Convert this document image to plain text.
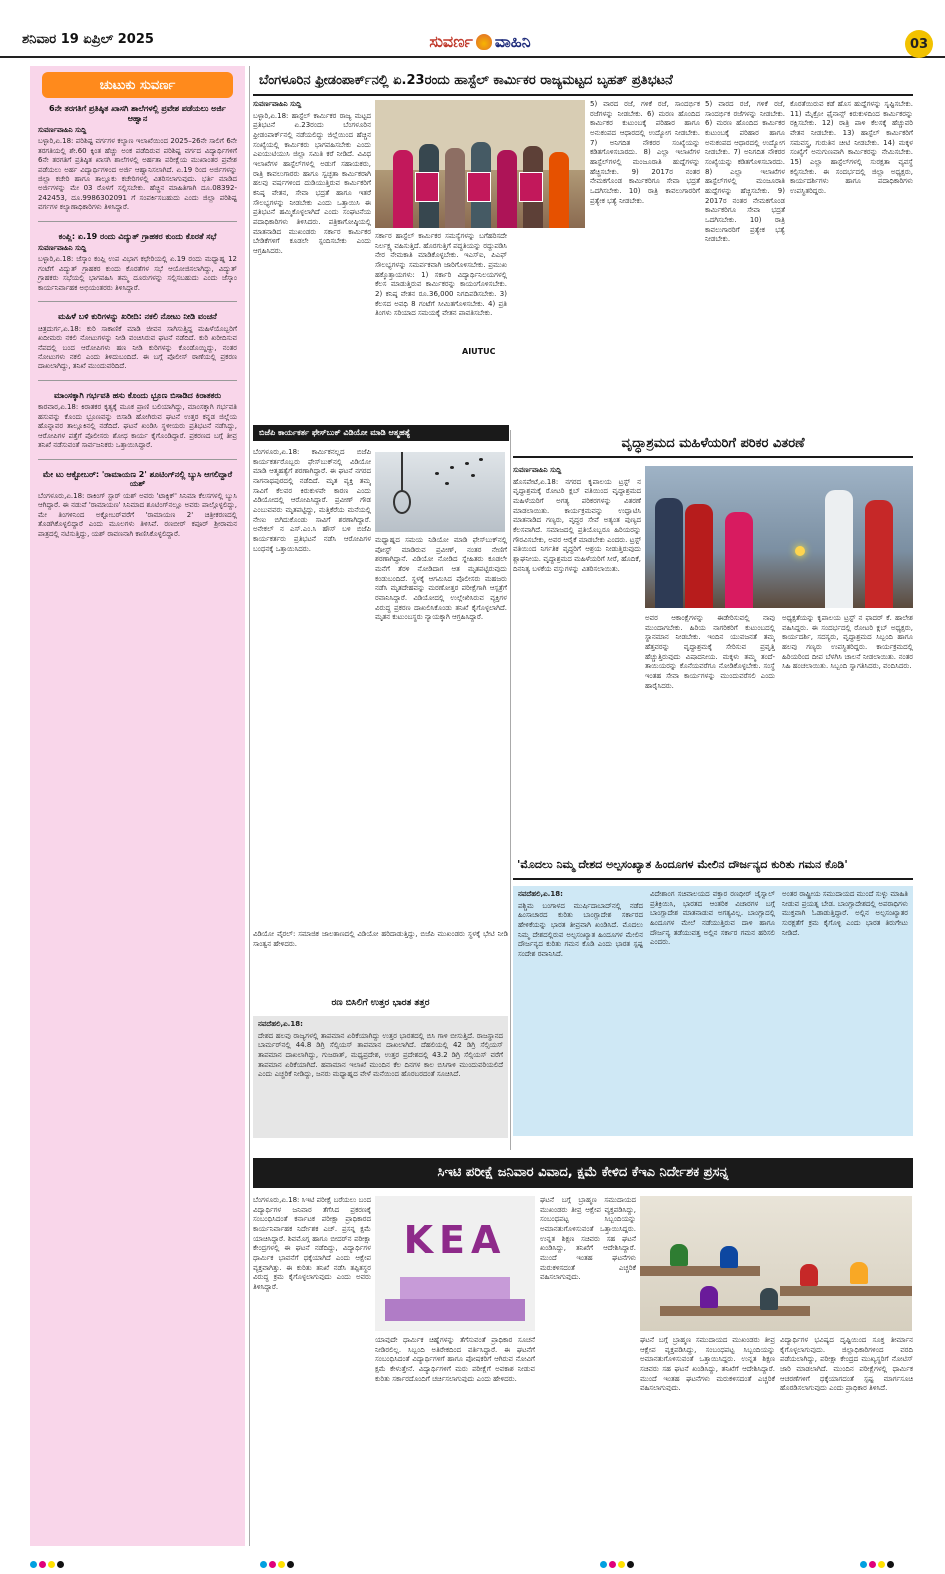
ಶನಿವಾರ 19 ಏಪ್ರಿಲ್ 2025	ಸುವರ್ಣ ವಾಹಿನಿ	03
ಚುಟುಕು ಸುವರ್ಣ
6ನೇ ತರಗತಿಗೆ ಪ್ರತಿಷ್ಠಿತ ಖಾಸಗಿ ಶಾಲೆಗಳಲ್ಲಿ ಪ್ರವೇಶ ಪಡೆಯಲು ಅರ್ಜಿ ಆಹ್ವಾನ
ಸುವರ್ಣವಾಹಿನಿ ಸುದ್ದಿ
ಬಳ್ಳಾರಿ,ಏ.18: ಪರಿಶಿಷ್ಟ ವರ್ಗಗಳ ಕಲ್ಯಾಣ ಇಲಾಖೆಯಿಂದ 2025–26ನೇ ಸಾಲಿಗೆ 6ನೇ ತರಗತಿಯಲ್ಲಿ ಶೇ.60 ಕ್ಕಿಂತ ಹೆಚ್ಚು ಅಂಕ ಪಡೆದಿರುವ ಪರಿಶಿಷ್ಟ ವರ್ಗದ ವಿದ್ಯಾರ್ಥಿಗಳಿಗೆ 6ನೇ ತರಗತಿಗೆ ಪ್ರತಿಷ್ಠಿತ ಖಾಸಗಿ ಶಾಲೆಗಳಲ್ಲಿ ಅರ್ಹತಾ ಪರೀಕ್ಷೆಯ ಮುಖಾಂತರ ಪ್ರವೇಶ ಪಡೆಯಲು ಅರ್ಹ ವಿದ್ಯಾರ್ಥಿಗಳಿಂದ ಅರ್ಜಿ ಆಹ್ವಾನಿಸಲಾಗಿದೆ. ಏ.19 ರಿಂದ ಅರ್ಜಿಗಳನ್ನು ಜಿಲ್ಲಾ ಕಚೇರಿ ಹಾಗೂ ತಾಲ್ಲೂಕು ಕಚೇರಿಗಳಲ್ಲಿ ವಿತರಿಸಲಾಗುವುದು. ಭರ್ತಿ ಮಾಡಿದ ಅರ್ಜಿಗಳನ್ನು ಮೇ 03 ರೊಳಗೆ ಸಲ್ಲಿಸಬೇಕು. ಹೆಚ್ಚಿನ ಮಾಹಿತಿಗಾಗಿ ದೂ.08392-242453, ದೂ.9986302091 ಗೆ ಸಂಪರ್ಕಿಸಬಹುದು ಎಂದು ಜಿಲ್ಲಾ ಪರಿಶಿಷ್ಟ ವರ್ಗಗಳ ಕಲ್ಯಾಣಾಧಿಕಾರಿಗಳು ತಿಳಿಸಿದ್ದಾರೆ.
ಕಂಪ್ಲಿ: ಏ.19 ರಂದು ವಿದ್ಯುತ್ ಗ್ರಾಹಕರ ಕುಂದು ಕೊರತೆ ಸಭೆ
ಸುವರ್ಣವಾಹಿನಿ ಸುದ್ದಿ
ಬಳ್ಳಾರಿ,ಏ.18: ಜೆಸ್ಕಾಂ ಕಂಪ್ಲಿ ಉಪ ವಿಭಾಗ ಕಛೇರಿಯಲ್ಲಿ ಏ.19 ರಂದು ಮಧ್ಯಾಹ್ನ 12 ಗಂಟೆಗೆ ವಿದ್ಯುತ್ ಗ್ರಾಹಕರ ಕುಂದು ಕೊರತೆಗಳ ಸಭೆ ಆಯೋಜಿಸಲಾಗಿದ್ದು, ವಿದ್ಯುತ್ ಗ್ರಾಹಕರು ಸಭೆಯಲ್ಲಿ ಭಾಗವಹಿಸಿ ತಮ್ಮ ದೂರುಗಳನ್ನು ಸಲ್ಲಿಸಬಹುದು ಎಂದು ಜೆಸ್ಕಾಂ ಕಾರ್ಯನಿರ್ವಾಹಕ ಅಭಿಯಂತರರು ತಿಳಿಸಿದ್ದಾರೆ.
ಮಹಿಳೆ ಬಳಿ ಕುರಿಗಳನ್ನು ಖರೀದಿ: ನಕಲಿ ನೋಟು ನೀಡಿ ವಂಚನೆ
ಚಿತ್ರದುರ್ಗ,ಏ.18: ಕುರಿ ಸಾಕಾಣಿಕೆ ಮಾಡಿ ಜೀವನ ಸಾಗಿಸುತ್ತಿದ್ದ ಮಹಿಳೆಯೊಬ್ಬರಿಗೆ ಖದೀಮರು ನಕಲಿ ನೋಟುಗಳನ್ನು ನೀಡಿ ವಂಚಿಸಿರುವ ಘಟನೆ ನಡೆದಿದೆ. ಕುರಿ ಖರೀದಿಸುವ ನೆಪದಲ್ಲಿ ಬಂದ ಆರೋಪಿಗಳು ಹಣ ನೀಡಿ ಕುರಿಗಳನ್ನು ಕೊಂಡೊಯ್ದಿದ್ದು, ನಂತರ ನೋಟುಗಳು ನಕಲಿ ಎಂದು ತಿಳಿದುಬಂದಿದೆ. ಈ ಬಗ್ಗೆ ಪೊಲೀಸ್ ಠಾಣೆಯಲ್ಲಿ ಪ್ರಕರಣ ದಾಖಲಾಗಿದ್ದು, ತನಿಖೆ ಮುಂದುವರಿದಿದೆ.
ಮಾಂಸಕ್ಕಾಗಿ ಗರ್ಭವತಿ ಹಸು ಕೊಂದು ಭ್ರೂಣ ಬಿಸಾಡಿದ ಕಿರಾತಕರು
ಕಾರವಾರ,ಏ.18: ಕಿರಾತಕರ ಕೃತ್ಯಕ್ಕೆ ಮೂಕ ಪ್ರಾಣಿ ಬಲಿಯಾಗಿದ್ದು, ಮಾಂಸಕ್ಕಾಗಿ ಗರ್ಭವತಿ ಹಸುವನ್ನು ಕೊಂದು ಭ್ರೂಣವನ್ನು ಬಿಸಾಡಿ ಹೋಗಿರುವ ಘಟನೆ ಉತ್ತರ ಕನ್ನಡ ಜಿಲ್ಲೆಯ ಹೊನ್ನಾವರ ತಾಲ್ಲೂಕಿನಲ್ಲಿ ನಡೆದಿದೆ. ಘಟನೆ ಖಂಡಿಸಿ ಸ್ಥಳೀಯರು ಪ್ರತಿಭಟನೆ ನಡೆಸಿದ್ದು, ಆರೋಪಿಗಳ ಪತ್ತೆಗೆ ಪೊಲೀಸರು ಶೋಧ ಕಾರ್ಯ ಕೈಗೊಂಡಿದ್ದಾರೆ. ಪ್ರಕರಣದ ಬಗ್ಗೆ ತೀವ್ರ ತನಿಖೆ ನಡೆಸುವಂತೆ ಸಾರ್ವಜನಿಕರು ಒತ್ತಾಯಿಸಿದ್ದಾರೆ.
ಮೇ ಟು ಆಕ್ಟೋಬರ್: 'ರಾಮಾಯಣ 2' ಶೂಟಿಂಗ್‌ನಲ್ಲಿ ಬ್ಯುಸಿ ಆಗಲಿದ್ದಾರೆ ಯಶ್
ಬೆಂಗಳೂರು,ಏ.18: ರಾಕಿಂಗ್ ಸ್ಟಾರ್ ಯಶ್ ಅವರು 'ಟಾಕ್ಸಿಕ್' ಸಿನಿಮಾ ಕೆಲಸಗಳಲ್ಲಿ ಬ್ಯುಸಿ ಆಗಿದ್ದಾರೆ. ಈ ನಡುವೆ 'ರಾಮಾಯಣ' ಸಿನಿಮಾದ ಶೂಟಿಂಗ್‌ನಲ್ಲೂ ಅವರು ಪಾಲ್ಗೊಳ್ಳಲಿದ್ದು, ಮೇ ತಿಂಗಳಿನಿಂದ ಅಕ್ಟೋಬರ್‌ವರೆಗೆ 'ರಾಮಾಯಣ 2' ಚಿತ್ರೀಕರಣದಲ್ಲಿ ತೊಡಗಿಕೊಳ್ಳಲಿದ್ದಾರೆ ಎಂದು ಮೂಲಗಳು ತಿಳಿಸಿವೆ. ರಣಬೀರ್ ಕಪೂರ್ ಶ್ರೀರಾಮನ ಪಾತ್ರದಲ್ಲಿ ನಟಿಸುತ್ತಿದ್ದು, ಯಶ್ ರಾವಣನಾಗಿ ಕಾಣಿಸಿಕೊಳ್ಳಲಿದ್ದಾರೆ.
ಬೆಂಗಳೂರಿನ ಫ್ರೀಡಂಪಾರ್ಕ್‌ನಲ್ಲಿ ಏ.23ರಂದು ಹಾಸ್ಟೆಲ್ ಕಾರ್ಮಿಕರ ರಾಜ್ಯಮಟ್ಟದ ಬೃಹತ್ ಪ್ರತಿಭಟನೆ
ಸುವರ್ಣವಾಹಿನಿ ಸುದ್ದಿ
ಬಳ್ಳಾರಿ,ಏ.18: ಹಾಸ್ಟೆಲ್ ಕಾರ್ಮಿಕರ ರಾಜ್ಯ ಮಟ್ಟದ ಪ್ರತಿಭಟನೆ ಏ.23ರಂದು ಬೆಂಗಳೂರಿನ ಫ್ರೀಡಂಪಾರ್ಕ್‌ನಲ್ಲಿ ನಡೆಯಲಿದ್ದು ಜಿಲ್ಲೆಯಿಂದ ಹೆಚ್ಚಿನ ಸಂಖ್ಯೆಯಲ್ಲಿ ಕಾರ್ಮಿಕರು ಭಾಗವಹಿಸಬೇಕು ಎಂದು ಎಐಯುಟಿಯುಸಿ ಜಿಲ್ಲಾ ಸಮಿತಿ ಕರೆ ನೀಡಿದೆ. ವಿವಿಧ ಇಲಾಖೆಗಳ ಹಾಸ್ಟೆಲ್‌ಗಳಲ್ಲಿ ಅಡುಗೆ ಸಹಾಯಕರು, ರಾತ್ರಿ ಕಾವಲುಗಾರರು ಹಾಗೂ ಸ್ವಚ್ಛತಾ ಕಾರ್ಮಿಕರಾಗಿ ಹಲವು ವರ್ಷಗಳಿಂದ ದುಡಿಯುತ್ತಿರುವ ಕಾರ್ಮಿಕರಿಗೆ ಕನಿಷ್ಠ ವೇತನ, ಸೇವಾ ಭದ್ರತೆ ಹಾಗೂ ಇತರೆ ಸೌಲಭ್ಯಗಳನ್ನು ನೀಡಬೇಕು ಎಂದು ಒತ್ತಾಯಿಸಿ ಈ ಪ್ರತಿಭಟನೆ ಹಮ್ಮಿಕೊಳ್ಳಲಾಗಿದೆ ಎಂದು ಸಂಘಟನೆಯ ಪದಾಧಿಕಾರಿಗಳು ತಿಳಿಸಿದರು. ಪತ್ರಿಕಾಗೋಷ್ಠಿಯಲ್ಲಿ ಮಾತನಾಡಿದ ಮುಖಂಡರು ಸರ್ಕಾರ ಕಾರ್ಮಿಕರ ಬೇಡಿಕೆಗಳಿಗೆ ಕೂಡಲೇ ಸ್ಪಂದಿಸಬೇಕು ಎಂದು ಆಗ್ರಹಿಸಿದರು.
ಸರ್ಕಾರ ಹಾಸ್ಟೆಲ್ ಕಾರ್ಮಿಕರ ಸಮಸ್ಯೆಗಳನ್ನು ಬಗೆಹರಿಸದೇ ನಿರ್ಲಕ್ಷ್ಯ ವಹಿಸುತ್ತಿದೆ. ಹೊರಗುತ್ತಿಗೆ ಪದ್ಧತಿಯನ್ನು ರದ್ದುಪಡಿಸಿ ನೇರ ನೇಮಕಾತಿ ಮಾಡಿಕೊಳ್ಳಬೇಕು. ಇಎಸ್‌ಐ, ಪಿಎಫ್ ಸೌಲಭ್ಯಗಳನ್ನು ಸಮರ್ಪಕವಾಗಿ ಜಾರಿಗೊಳಿಸಬೇಕು. ಪ್ರಮುಖ ಹಕ್ಕೊತ್ತಾಯಗಳು: 1) ಸರ್ಕಾರಿ ವಿದ್ಯಾರ್ಥಿನಿಲಯಗಳಲ್ಲಿ ಕೆಲಸ ಮಾಡುತ್ತಿರುವ ಕಾರ್ಮಿಕರನ್ನು ಕಾಯಂಗೊಳಿಸಬೇಕು. 2) ಕನಿಷ್ಠ ವೇತನ ರೂ.36,000 ನಿಗದಿಪಡಿಸಬೇಕು. 3) ಕೆಲಸದ ಅವಧಿ 8 ಗಂಟೆಗೆ ಸೀಮಿತಗೊಳಿಸಬೇಕು. 4) ಪ್ರತಿ ತಿಂಗಳು ಸರಿಯಾದ ಸಮಯಕ್ಕೆ ವೇತನ ಪಾವತಿಸಬೇಕು.
AIUTUC
5) ವಾರದ ರಜೆ, ಗಳಿಕೆ ರಜೆ, ಸಾಂದರ್ಭಿಕ ರಜೆಗಳನ್ನು ನೀಡಬೇಕು. 6) ಮರಣ ಹೊಂದಿದ ಕಾರ್ಮಿಕರ ಕುಟುಂಬಕ್ಕೆ ಪರಿಹಾರ ಹಾಗೂ ಅನುಕಂಪದ ಆಧಾರದಲ್ಲಿ ಉದ್ಯೋಗ ನೀಡಬೇಕು. 7) ಅನಿಗದಿತ ನೌಕರರ ಸಂಖ್ಯೆಯನ್ನು ಕಡಿತಗೊಳಿಸಬಾರದು. 8) ಎಲ್ಲಾ ಇಲಾಖೆಗಳ ಹಾಸ್ಟೆಲ್‌ಗಳಲ್ಲಿ ಮಂಜೂರಾತಿ ಹುದ್ದೆಗಳನ್ನು ಹೆಚ್ಚಿಸಬೇಕು. 9) 2017ರ ನಂತರ ನೇಮಕಗೊಂಡ ಕಾರ್ಮಿಕರಿಗೂ ಸೇವಾ ಭದ್ರತೆ ಒದಗಿಸಬೇಕು. 10) ರಾತ್ರಿ ಕಾವಲುಗಾರರಿಗೆ ಪ್ರತ್ಯೇಕ ಭತ್ಯೆ ನೀಡಬೇಕು.
ಕೊರತೆಯಿರುವ ಕಡೆ ಹೊಸ ಹುದ್ದೆಗಳನ್ನು ಸೃಷ್ಟಿಸಬೇಕು. 11) ಮೈಕ್ರೋ ಫೈನಾನ್ಸ್ ಕಿರುಕುಳದಿಂದ ಕಾರ್ಮಿಕರನ್ನು ರಕ್ಷಿಸಬೇಕು. 12) ರಾತ್ರಿ ಪಾಳಿ ಕೆಲಸಕ್ಕೆ ಹೆಚ್ಚುವರಿ ವೇತನ ನೀಡಬೇಕು. 13) ಹಾಸ್ಟೆಲ್ ಕಾರ್ಮಿಕರಿಗೆ ಸಮವಸ್ತ್ರ, ಗುರುತಿನ ಚೀಟಿ ನೀಡಬೇಕು. 14) ಮಕ್ಕಳ ಸಂಖ್ಯೆಗೆ ಅನುಗುಣವಾಗಿ ಕಾರ್ಮಿಕರನ್ನು ನೇಮಿಸಬೇಕು. 15) ಎಲ್ಲಾ ಹಾಸ್ಟೆಲ್‌ಗಳಲ್ಲಿ ಸುರಕ್ಷತಾ ವ್ಯವಸ್ಥೆ ಕಲ್ಪಿಸಬೇಕು. ಈ ಸಂದರ್ಭದಲ್ಲಿ ಜಿಲ್ಲಾ ಅಧ್ಯಕ್ಷರು, ಕಾರ್ಯದರ್ಶಿಗಳು ಹಾಗೂ ಪದಾಧಿಕಾರಿಗಳು ಉಪಸ್ಥಿತರಿದ್ದರು.
5) ವಾರದ ರಜೆ, ಗಳಿಕೆ ರಜೆ, ಸಾಂದರ್ಭಿಕ ರಜೆಗಳನ್ನು ನೀಡಬೇಕು. 6) ಮರಣ ಹೊಂದಿದ ಕಾರ್ಮಿಕರ ಕುಟುಂಬಕ್ಕೆ ಪರಿಹಾರ ಹಾಗೂ ಅನುಕಂಪದ ಆಧಾರದಲ್ಲಿ ಉದ್ಯೋಗ ನೀಡಬೇಕು. 7) ಅನಿಗದಿತ ನೌಕರರ ಸಂಖ್ಯೆಯನ್ನು ಕಡಿತಗೊಳಿಸಬಾರದು. 8) ಎಲ್ಲಾ ಇಲಾಖೆಗಳ ಹಾಸ್ಟೆಲ್‌ಗಳಲ್ಲಿ ಮಂಜೂರಾತಿ ಹುದ್ದೆಗಳನ್ನು ಹೆಚ್ಚಿಸಬೇಕು. 9) 2017ರ ನಂತರ ನೇಮಕಗೊಂಡ ಕಾರ್ಮಿಕರಿಗೂ ಸೇವಾ ಭದ್ರತೆ ಒದಗಿಸಬೇಕು. 10) ರಾತ್ರಿ ಕಾವಲುಗಾರರಿಗೆ ಪ್ರತ್ಯೇಕ ಭತ್ಯೆ ನೀಡಬೇಕು.
ಬಿಜೆಪಿ ಕಾರ್ಯಕರ್ತ ಫೇಸ್‌ಬುಕ್ ವಿಡಿಯೋ ಮಾಡಿ ಆತ್ಮಹತ್ಯೆ
ಬೆಂಗಳೂರು,ಏ.18: ಕಾರ್ಮಿಕನಲ್ಲದ ಬಿಜೆಪಿ ಕಾರ್ಯಕರ್ತರೊಬ್ಬರು ಫೇಸ್‌ಬುಕ್‌ನಲ್ಲಿ ವಿಡಿಯೋ ಮಾಡಿ ಆತ್ಮಹತ್ಯೆಗೆ ಶರಣಾಗಿದ್ದಾರೆ. ಈ ಘಟನೆ ನಗರದ ನಾಗನಾಥಪುರದಲ್ಲಿ ನಡೆದಿದೆ. ಮೃತ ವ್ಯಕ್ತಿ ತಮ್ಮ ಸಾವಿಗೆ ಕೆಲವರ ಕಿರುಕುಳವೇ ಕಾರಣ ಎಂದು ವಿಡಿಯೋದಲ್ಲಿ ಆರೋಪಿಸಿದ್ದಾರೆ. ಪ್ರವೀಣ್ ಗೌಡ ಎಂಬುವವರು ಮೃತಪಟ್ಟಿದ್ದು, ಮತ್ತಿಕೆರೆಯ ಮನೆಯಲ್ಲಿ ನೇಣು ಬಿಗಿದುಕೊಂಡು ಸಾವಿಗೆ ಶರಣಾಗಿದ್ದಾರೆ. ಅನೇಕಲ್ ನ ಎಸ್.ಎಂ.ಸಿ ಹೌಸ್ ಬಳಿ ಬಿಜೆಪಿ ಕಾರ್ಯಕರ್ತರು ಪ್ರತಿಭಟನೆ ನಡೆಸಿ ಆರೋಪಿಗಳ ಬಂಧನಕ್ಕೆ ಒತ್ತಾಯಿಸಿದರು.
ಮಧ್ಯಾಹ್ನದ ಸಮಯ ನಿಡಿಯೋ ಮಾಡಿ ಫೇಸ್‌ಬುಕ್‌ನಲ್ಲಿ ಪೋಸ್ಟ್ ಮಾಡಿರುವ ಪ್ರವೀಣ್, ನಂತರ ನೇಣಿಗೆ ಶರಣಾಗಿದ್ದಾನೆ. ವಿಡಿಯೋ ನೋಡಿದ ಸ್ನೇಹಿತರು ಕೂಡಲೇ ಮನೆಗೆ ತೆರಳಿ ನೋಡಿದಾಗ ಆತ ಮೃತಪಟ್ಟಿರುವುದು ಕಂಡುಬಂದಿದೆ. ಸ್ಥಳಕ್ಕೆ ಆಗಮಿಸಿದ ಪೊಲೀಸರು ಮಹಜರು ನಡೆಸಿ ಮೃತದೇಹವನ್ನು ಮರಣೋತ್ತರ ಪರೀಕ್ಷೆಗಾಗಿ ಆಸ್ಪತ್ರೆಗೆ ರವಾನಿಸಿದ್ದಾರೆ. ವಿಡಿಯೋದಲ್ಲಿ ಉಲ್ಲೇಖಿಸಿರುವ ವ್ಯಕ್ತಿಗಳ ವಿರುದ್ಧ ಪ್ರಕರಣ ದಾಖಲಿಸಿಕೊಂಡು ತನಿಖೆ ಕೈಗೊಳ್ಳಲಾಗಿದೆ. ಮೃತನ ಕುಟುಂಬಸ್ಥರು ನ್ಯಾಯಕ್ಕಾಗಿ ಆಗ್ರಹಿಸಿದ್ದಾರೆ.
ವಿಡಿಯೋ ವೈರಲ್: ಸಮಾಜಿಕ ಜಾಲತಾಣದಲ್ಲಿ ವಿಡಿಯೋ ಹರಿದಾಡುತ್ತಿದ್ದು, ಬಿಜೆಪಿ ಮುಖಂಡರು ಸ್ಥಳಕ್ಕೆ ಭೇಟಿ ನೀಡಿ ಸಾಂತ್ವನ ಹೇಳಿದರು.
ವೃದ್ಧಾಶ್ರಮದ ಮಹಿಳೆಯರಿಗೆ ಪರಿಕರ ವಿತರಣೆ
ಸುವರ್ಣವಾಹಿನಿ ಸುದ್ದಿ
ಹೊಸಪೇಟೆ,ಏ.18: ನಗರದ ಕೃಪಾಲಯ ಟ್ರಸ್ಟ್ ನ ವೃದ್ಧಾಶ್ರಮಕ್ಕೆ ರೋಟರಿ ಕ್ಲಬ್ ವತಿಯಿಂದ ವೃದ್ಧಾಶ್ರಮದ ಮಹಿಳೆಯರಿಗೆ ಅಗತ್ಯ ಪರಿಕರಗಳನ್ನು ವಿತರಣೆ ಮಾಡಲಾಯಿತು. ಕಾರ್ಯಕ್ರಮವನ್ನು ಉದ್ಘಾಟಿಸಿ ಮಾತನಾಡಿದ ಗಣ್ಯರು, ವೃದ್ಧರ ಸೇವೆ ಅತ್ಯಂತ ಪುಣ್ಯದ ಕೆಲಸವಾಗಿದೆ. ಸಮಾಜದಲ್ಲಿ ಪ್ರತಿಯೊಬ್ಬರೂ ಹಿರಿಯರನ್ನು ಗೌರವಿಸಬೇಕು, ಅವರ ಆರೈಕೆ ಮಾಡಬೇಕು ಎಂದರು. ಟ್ರಸ್ಟ್ ವತಿಯಿಂದ ನಿರ್ಗತಿಕ ವೃದ್ಧರಿಗೆ ಆಶ್ರಯ ನೀಡುತ್ತಿರುವುದು ಶ್ಲಾಘನೀಯ. ವೃದ್ಧಾಶ್ರಮದ ಮಹಿಳೆಯರಿಗೆ ಸೀರೆ, ಹೊದಿಕೆ, ದಿನನಿತ್ಯ ಬಳಕೆಯ ವಸ್ತುಗಳನ್ನು ವಿತರಿಸಲಾಯಿತು.
ಅವರ ಆಕಾಂಕ್ಷೆಗಳನ್ನು ಈಡೇರಿಸುವಲ್ಲಿ ನಾವು ಮುಂದಾಗಬೇಕು. ಹಿರಿಯ ನಾಗರಿಕರಿಗೆ ಕುಟುಂಬದಲ್ಲಿ ಸ್ಥಾನಮಾನ ನೀಡಬೇಕು. ಇಂದಿನ ಯುವಜನತೆ ತಮ್ಮ ಹೆತ್ತವರನ್ನು ವೃದ್ಧಾಶ್ರಮಕ್ಕೆ ಸೇರಿಸುವ ಪ್ರವೃತ್ತಿ ಹೆಚ್ಚುತ್ತಿರುವುದು ವಿಷಾದನೀಯ. ಮಕ್ಕಳು ತಮ್ಮ ತಂದೆ-ತಾಯಿಯರನ್ನು ಕೊನೆಯವರೆಗೂ ನೋಡಿಕೊಳ್ಳಬೇಕು. ಸಂಸ್ಥೆ ಇಂತಹ ಸೇವಾ ಕಾರ್ಯಗಳನ್ನು ಮುಂದುವರೆಸಲಿ ಎಂದು ಹಾರೈಸಿದರು.
ಅಧ್ಯಕ್ಷತೆಯನ್ನು ಕೃಪಾಲಯ ಟ್ರಸ್ಟ್ ನ ಫಾದರ್ ಕೆ. ಹಾಲೇಶ ವಹಿಸಿದ್ದರು. ಈ ಸಂದರ್ಭದಲ್ಲಿ ರೋಟರಿ ಕ್ಲಬ್ ಅಧ್ಯಕ್ಷರು, ಕಾರ್ಯದರ್ಶಿ, ಸದಸ್ಯರು, ವೃದ್ಧಾಶ್ರಮದ ಸಿಬ್ಬಂದಿ ಹಾಗೂ ಹಲವು ಗಣ್ಯರು ಉಪಸ್ಥಿತರಿದ್ದರು. ಕಾರ್ಯಕ್ರಮದಲ್ಲಿ ಹಿರಿಯರಿಂದ ದೀಪ ಬೆಳಗಿಸಿ ಚಾಲನೆ ನೀಡಲಾಯಿತು. ನಂತರ ಸಿಹಿ ಹಂಚಲಾಯಿತು. ಸಿಬ್ಬಂದಿ ಸ್ವಾಗತಿಸಿದರು, ವಂದಿಸಿದರು.
'ಮೊದಲು ನಿಮ್ಮ ದೇಶದ ಅಲ್ಪಸಂಖ್ಯಾತ ಹಿಂದೂಗಳ ಮೇಲಿನ ದೌರ್ಜನ್ಯದ ಕುರಿತು ಗಮನ ಕೊಡಿ'
ನವದೆಹಲಿ,ಏ.18:
ಪಶ್ಚಿಮ ಬಂಗಾಳದ ಮುರ್ಷಿದಾಬಾದ್‌ನಲ್ಲಿ ನಡೆದ ಹಿಂಸಾಚಾರದ ಕುರಿತು ಬಾಂಗ್ಲಾದೇಶ ಸರ್ಕಾರದ ಹೇಳಿಕೆಯನ್ನು ಭಾರತ ತೀವ್ರವಾಗಿ ಖಂಡಿಸಿದೆ. ಮೊದಲು ನಿಮ್ಮ ದೇಶದಲ್ಲಿರುವ ಅಲ್ಪಸಂಖ್ಯಾತ ಹಿಂದೂಗಳ ಮೇಲಿನ ದೌರ್ಜನ್ಯದ ಕುರಿತು ಗಮನ ಕೊಡಿ ಎಂದು ಭಾರತ ಸ್ಪಷ್ಟ ಸಂದೇಶ ರವಾನಿಸಿದೆ.
ವಿದೇಶಾಂಗ ಸಚಿವಾಲಯದ ವಕ್ತಾರ ರಣಧೀರ್ ಜೈಸ್ವಾಲ್ ಪ್ರತಿಕ್ರಿಯಿಸಿ, ಭಾರತದ ಆಂತರಿಕ ವಿಚಾರಗಳ ಬಗ್ಗೆ ಬಾಂಗ್ಲಾದೇಶ ಮಾತನಾಡುವ ಅಗತ್ಯವಿಲ್ಲ. ಬಾಂಗ್ಲಾದಲ್ಲಿ ಹಿಂದೂಗಳ ಮೇಲೆ ನಡೆಯುತ್ತಿರುವ ದಾಳಿ ಹಾಗೂ ದೌರ್ಜನ್ಯ ತಡೆಯುವತ್ತ ಅಲ್ಲಿನ ಸರ್ಕಾರ ಗಮನ ಹರಿಸಲಿ ಎಂದರು.
ಅಂತರ ರಾಷ್ಟ್ರೀಯ ಸಮುದಾಯದ ಮುಂದೆ ಸುಳ್ಳು ಮಾಹಿತಿ ನೀಡುವ ಪ್ರಯತ್ನ ಬೇಡ. ಬಾಂಗ್ಲಾದೇಶದಲ್ಲಿ ಅಪರಾಧಿಗಳು ಮುಕ್ತವಾಗಿ ಓಡಾಡುತ್ತಿದ್ದಾರೆ. ಅಲ್ಲಿನ ಅಲ್ಪಸಂಖ್ಯಾತರ ಸುರಕ್ಷತೆಗೆ ಕ್ರಮ ಕೈಗೊಳ್ಳಿ ಎಂದು ಭಾರತ ತಿರುಗೇಟು ನೀಡಿದೆ.
ರಣ ಬಿಸಿಲಿಗೆ ಉತ್ತರ ಭಾರತ ತತ್ತರ
ನವದೆಹಲಿ,ಏ.18:
ದೇಶದ ಹಲವು ರಾಜ್ಯಗಳಲ್ಲಿ ತಾಪಮಾನ ಏರಿಕೆಯಾಗಿದ್ದು ಉತ್ತರ ಭಾರತದಲ್ಲಿ ಬಿಸಿ ಗಾಳಿ ಬೀಸುತ್ತಿದೆ. ರಾಜಸ್ಥಾನದ ಬಾರ್ಮರ್‌ನಲ್ಲಿ 44.8 ಡಿಗ್ರಿ ಸೆಲ್ಸಿಯಸ್ ತಾಪಮಾನ ದಾಖಲಾಗಿದೆ. ದೆಹಲಿಯಲ್ಲಿ 42 ಡಿಗ್ರಿ ಸೆಲ್ಸಿಯಸ್ ತಾಪಮಾನ ದಾಖಲಾಗಿದ್ದು, ಗುಜರಾತ್, ಮಧ್ಯಪ್ರದೇಶ, ಉತ್ತರ ಪ್ರದೇಶದಲ್ಲಿ 43.2 ಡಿಗ್ರಿ ಸೆಲ್ಸಿಯಸ್ ವರೆಗೆ ತಾಪಮಾನ ಏರಿಕೆಯಾಗಿದೆ. ಹವಾಮಾನ ಇಲಾಖೆ ಮುಂದಿನ ಕೆಲ ದಿನಗಳ ಕಾಲ ಬಿಸಿಗಾಳಿ ಮುಂದುವರಿಯಲಿದೆ ಎಂದು ಎಚ್ಚರಿಕೆ ನೀಡಿದ್ದು, ಜನರು ಮಧ್ಯಾಹ್ನದ ವೇಳೆ ಮನೆಯಿಂದ ಹೊರಬರದಂತೆ ಸೂಚಿಸಿದೆ.
ಸಿಇಟಿ ಪರೀಕ್ಷೆ ಜನಿವಾರ ವಿವಾದ, ಕ್ಷಮೆ ಕೇಳಿದ ಕೆಇಎ ನಿರ್ದೇಶಕ ಪ್ರಸನ್ನ
ಬೆಂಗಳೂರು,ಏ.18: ಸಿಇಟಿ ಪರೀಕ್ಷೆ ಬರೆಯಲು ಬಂದ ವಿದ್ಯಾರ್ಥಿಗಳ ಜನಿವಾರ ತೆಗೆಸಿದ ಪ್ರಕರಣಕ್ಕೆ ಸಂಬಂಧಿಸಿದಂತೆ ಕರ್ನಾಟಕ ಪರೀಕ್ಷಾ ಪ್ರಾಧಿಕಾರದ ಕಾರ್ಯನಿರ್ವಾಹಕ ನಿರ್ದೇಶಕ ಎಚ್. ಪ್ರಸನ್ನ ಕ್ಷಮೆ ಯಾಚಿಸಿದ್ದಾರೆ. ಶಿವಮೊಗ್ಗ ಹಾಗೂ ಬೀದರ್‌ನ ಪರೀಕ್ಷಾ ಕೇಂದ್ರಗಳಲ್ಲಿ ಈ ಘಟನೆ ನಡೆದಿದ್ದು, ವಿದ್ಯಾರ್ಥಿಗಳ ಧಾರ್ಮಿಕ ಭಾವನೆಗೆ ಧಕ್ಕೆಯಾಗಿದೆ ಎಂದು ಆಕ್ಷೇಪ ವ್ಯಕ್ತವಾಗಿತ್ತು. ಈ ಕುರಿತು ತನಿಖೆ ನಡೆಸಿ ತಪ್ಪಿತಸ್ಥರ ವಿರುದ್ಧ ಕ್ರಮ ಕೈಗೊಳ್ಳಲಾಗುವುದು ಎಂದು ಅವರು ತಿಳಿಸಿದ್ದಾರೆ.
KEA
ಯಾವುದೇ ಧಾರ್ಮಿಕ ಚಿಹ್ನೆಗಳನ್ನು ತೆಗೆಸುವಂತೆ ಪ್ರಾಧಿಕಾರ ಸೂಚನೆ ನೀಡಿರಲಿಲ್ಲ. ಸಿಬ್ಬಂದಿ ಅತಿರೇಕದಿಂದ ವರ್ತಿಸಿದ್ದಾರೆ. ಈ ಘಟನೆಗೆ ಸಂಬಂಧಿಸಿದಂತೆ ವಿದ್ಯಾರ್ಥಿಗಳಿಗೆ ಹಾಗೂ ಪೋಷಕರಿಗೆ ಆಗಿರುವ ನೋವಿಗೆ ಕ್ಷಮೆ ಕೇಳುತ್ತೇನೆ. ವಿದ್ಯಾರ್ಥಿಗಳಿಗೆ ಮರು ಪರೀಕ್ಷೆಗೆ ಅವಕಾಶ ನೀಡುವ ಕುರಿತು ಸರ್ಕಾರದೊಂದಿಗೆ ಚರ್ಚಿಸಲಾಗುವುದು ಎಂದು ಹೇಳಿದರು.
ಘಟನೆ ಬಗ್ಗೆ ಬ್ರಾಹ್ಮಣ ಸಮುದಾಯದ ಮುಖಂಡರು ತೀವ್ರ ಆಕ್ಷೇಪ ವ್ಯಕ್ತಪಡಿಸಿದ್ದು, ಸಂಬಂಧಪಟ್ಟ ಸಿಬ್ಬಂದಿಯನ್ನು ಅಮಾನತುಗೊಳಿಸುವಂತೆ ಒತ್ತಾಯಿಸಿದ್ದರು. ಉನ್ನತ ಶಿಕ್ಷಣ ಸಚಿವರು ಸಹ ಘಟನೆ ಖಂಡಿಸಿದ್ದು, ತನಿಖೆಗೆ ಆದೇಶಿಸಿದ್ದಾರೆ. ಮುಂದೆ ಇಂತಹ ಘಟನೆಗಳು ಮರುಕಳಿಸದಂತೆ ಎಚ್ಚರಿಕೆ ವಹಿಸಲಾಗುವುದು.
ಘಟನೆ ಬಗ್ಗೆ ಬ್ರಾಹ್ಮಣ ಸಮುದಾಯದ ಮುಖಂಡರು ತೀವ್ರ ಆಕ್ಷೇಪ ವ್ಯಕ್ತಪಡಿಸಿದ್ದು, ಸಂಬಂಧಪಟ್ಟ ಸಿಬ್ಬಂದಿಯನ್ನು ಅಮಾನತುಗೊಳಿಸುವಂತೆ ಒತ್ತಾಯಿಸಿದ್ದರು. ಉನ್ನತ ಶಿಕ್ಷಣ ಸಚಿವರು ಸಹ ಘಟನೆ ಖಂಡಿಸಿದ್ದು, ತನಿಖೆಗೆ ಆದೇಶಿಸಿದ್ದಾರೆ. ಮುಂದೆ ಇಂತಹ ಘಟನೆಗಳು ಮರುಕಳಿಸದಂತೆ ಎಚ್ಚರಿಕೆ ವಹಿಸಲಾಗುವುದು.
ವಿದ್ಯಾರ್ಥಿಗಳ ಭವಿಷ್ಯದ ದೃಷ್ಟಿಯಿಂದ ಸೂಕ್ತ ತೀರ್ಮಾನ ಕೈಗೊಳ್ಳಲಾಗುವುದು. ಜಿಲ್ಲಾಧಿಕಾರಿಗಳಿಂದ ವರದಿ ಪಡೆಯಲಾಗಿದ್ದು, ಪರೀಕ್ಷಾ ಕೇಂದ್ರದ ಮುಖ್ಯಸ್ಥರಿಗೆ ನೋಟಿಸ್ ಜಾರಿ ಮಾಡಲಾಗಿದೆ. ಮುಂದಿನ ಪರೀಕ್ಷೆಗಳಲ್ಲಿ ಧಾರ್ಮಿಕ ಆಚರಣೆಗಳಿಗೆ ಧಕ್ಕೆಯಾಗದಂತೆ ಸ್ಪಷ್ಟ ಮಾರ್ಗಸೂಚಿ ಹೊರಡಿಸಲಾಗುವುದು ಎಂದು ಪ್ರಾಧಿಕಾರ ತಿಳಿಸಿದೆ.
